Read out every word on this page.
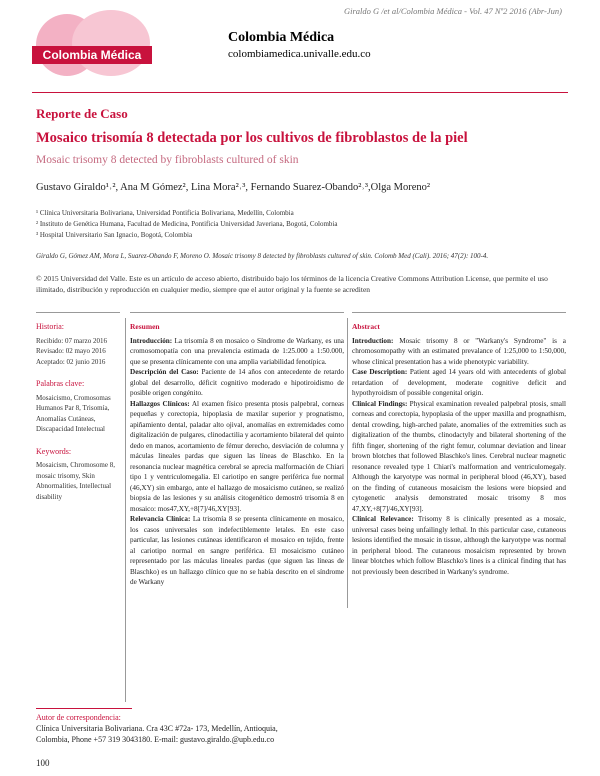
Giraldo G /et al/Colombia Médica - Vol. 47 Nº2 2016 (Abr-Jun)
Colombia Médica
Colombia Médica
colombiamedica.univalle.edu.co
Reporte de Caso
Mosaico trisomía 8 detectada por los cultivos de fibroblastos de la piel
Mosaic trisomy 8 detected by fibroblasts cultured of skin
Gustavo Giraldo¹˒², Ana M Gómez², Lina Mora²˒³, Fernando Suarez-Obando²˒³,Olga Moreno²
¹ Clínica Universitaria Bolivariana, Universidad Pontificia Bolivariana, Medellín, Colombia
² Instituto de Genética Humana, Facultad de Medicina, Pontificia Universidad Javeriana, Bogotá, Colombia
³ Hospital Universitario San Ignacio, Bogotá, Colombia
Giraldo G, Gómez AM, Mora L, Suarez-Obando F, Moreno O. Mosaic trisomy 8 detected by fibroblasts cultured of skin. Colomb Med (Cali). 2016; 47(2): 100-4.
© 2015 Universidad del Valle. Este es un artículo de acceso abierto, distribuido bajo los términos de la licencia Creative Commons Attribution License, que permite el uso ilimitado, distribución y reproducción en cualquier medio, siempre que el autor original y la fuente se acrediten
Historia:
Recibido: 07 marzo 2016
Revisado: 02 mayo 2016
Aceptado: 02 junio 2016
Palabras clave:
Mosaicismo, Cromosomas Humanos Par 8, Trisomía, Anomalías Cutáneas, Discapacidad Intelectual
Keywords:
Mosaicism, Chromosome 8, mosaic trisomy, Skin Abnormalities, Intellectual disability
Resumen

Introducción: La trisomía 8 en mosaico o Síndrome de Warkany, es una cromosomopatía con una prevalencia estimada de 1:25.000 a 1:50.000, que se presenta clínicamente con una amplia variabilidad fenotípica.

Descripción del Caso: Paciente de 14 años con antecedente de retardo global del desarrollo, déficit cognitivo moderado e hipotiroidismo de posible origen congénito.

Hallazgos Clínicos: Al examen físico presenta ptosis palpebral, corneas pequeñas y corectopia, hipoplasia de maxilar superior y prognatismo, apiñamiento dental, paladar alto ojival, anomalías en extremidades como digitalización de pulgares, clinodactilia y acortamiento bilateral del quinto dedo en manos, acortamiento de fémur derecho, desviación de columna y máculas lineales pardas que siguen las líneas de Blaschko. En la resonancia nuclear magnética cerebral se aprecia malformación de Chiari tipo 1 y ventriculomegalia. El cariotipo en sangre periférica fue normal (46,XY) sin embargo, ante el hallazgo de mosaicismo cutáneo, se realizó biopsia de las lesiones y su análisis citogenético demostró trisomía 8 en mosaico: mos47,XY,+8[7]/46,XY[93].

Relevancia Clínica: La trisomía 8 se presenta clínicamente en mosaico, los casos universales son indefectiblemente letales. En este caso particular, las lesiones cutáneas identificaron el mosaico en tejido, frente al cariotipo normal en sangre periférica. El mosaicismo cutáneo representado por las máculas lineales pardas (que siguen las líneas de Blaschko) es un hallazgo clínico que no se había descrito en el síndrome de Warkany

Abstract

Introduction: Mosaic trisomy 8 or "Warkany's Syndrome" is a chromosomopathy with an estimated prevalance of 1:25,000 to 1:50,000, whose clinical presentation has a wide phenotypic variability.

Case Description: Patient aged 14 years old with antecedents of global retardation of development, moderate cognitive deficit and hypothyroidism of possible congenital origin.

Clinical Findings: Physical examination revealed palpebral ptosis, small corneas and corectopia, hypoplasia of the upper maxilla and prognathism, dental crowding, high-arched palate, anomalies of the extremities such as digitalization of the thumbs, clinodactyly and bilateral shortening of the fifth finger, shortening of the right femur, columnar deviation and linear brown blotches that followed Blaschko's lines. Cerebral nuclear magnetic resonance revealed type 1 Chiari's malformation and ventriculomegaly. Although the karyotype was normal in peripheral blood (46,XY), based on the finding of cutaneous mosaicism the lesions were biopsied and cytogenetic analysis demonstrated mosaic trisomy 8 mos 47,XY,+8[7]/46,XY[93].

Clinical Relevance: Trisomy 8 is clinically presented as a mosaic, universal cases being unfailingly lethal. In this particular case, cutaneous lesions identified the mosaic in tissue, although the karyotype was normal in peripheral blood. The cutaneous mosaicism represented by brown linear blotches which follow Blaschko's lines is a clinical finding that has not previously been described in Warkany's syndrome.

Autor de correspondencia:
Clínica Universitaria Bolivariana. Cra 43C #72a- 173, Medellín, Antioquia,
Colombia, Phone +57 319 3043180. E-mail: gustavo.giraldo.@upb.edu.co
100
